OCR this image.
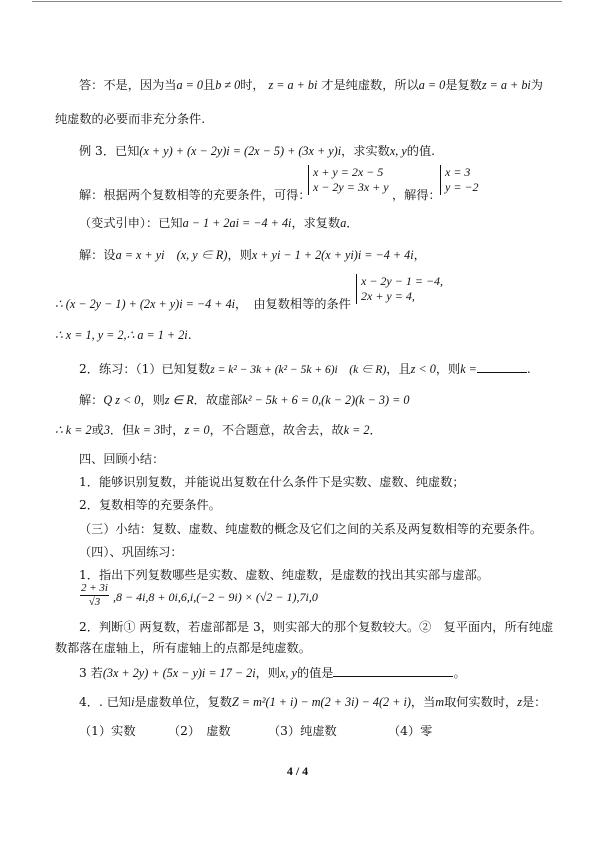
答：不是，因为当a = 0且b ≠ 0时， z = a + bi 才是纯虚数，所以a = 0是复数z = a + bi为
纯虚数的必要而非充分条件.
例 3．已知(x + y) + (x − 2y)i = (2x − 5) + (3x + y)i，求实数x, y的值.
解：根据两个复数相等的充要条件，可得：
x + y = 2x − 5
x − 2y = 3x + y
，解得：
x = 3
y = −2
（变式引申）：已知a − 1 + 2ai = −4 + 4i，求复数a．
解：设a = x + yi　(x, y ∈ R)，则x + yi − 1 + 2(x + yi)i = −4 + 4i，
∴ (x − 2y − 1) + (2x + y)i = −4 + 4i，　由复数相等的条件
x − 2y − 1 = −4,
2x + y = 4,
∴ x = 1, y = 2,∴ a = 1 + 2i.
2．练习：（1）已知复数z = k² − 3k + (k² − 5k + 6)i　(k ∈ R)，且z < 0，则k =	.
解：Q z < 0，则z ∈ R．故虚部k² − 5k + 6 = 0,(k − 2)(k − 3) = 0
∴ k = 2或3．但k = 3时，z = 0，不合题意，故舍去，故k = 2．
四、回顾小结：
1．能够识别复数，并能说出复数在什么条件下是实数、虚数、纯虚数；
2．复数相等的充要条件。
（三）小结：复数、虚数、纯虚数的概念及它们之间的关系及两复数相等的充要条件。
（四）、巩固练习：
1．指出下列复数哪些是实数、虚数、纯虚数，是虚数的找出其实部与虚部。
$\frac{2 + 3i}{√3} ,8 - 4i,8 + 0i,6,i,(-2 - 9i) \times (√2 - 1),7i,0$
2．判断① 两复数，若虚部都是 3，则实部大的那个复数较大。②　复平面内，所有纯虚
数都落在虚轴上，所有虚轴上的点都是纯虚数。
3 若(3x + 2y) + (5x − y)i = 17 − 2i，则x, y的值是	。
4．. 已知i是虚数单位，复数Z = m²(1 + i) − m(2 + 3i) − 4(2 + i)，当m取何实数时，z是：
（1）实数	（2）　虚数	（3）纯虚数	（4）零
4 / 4
